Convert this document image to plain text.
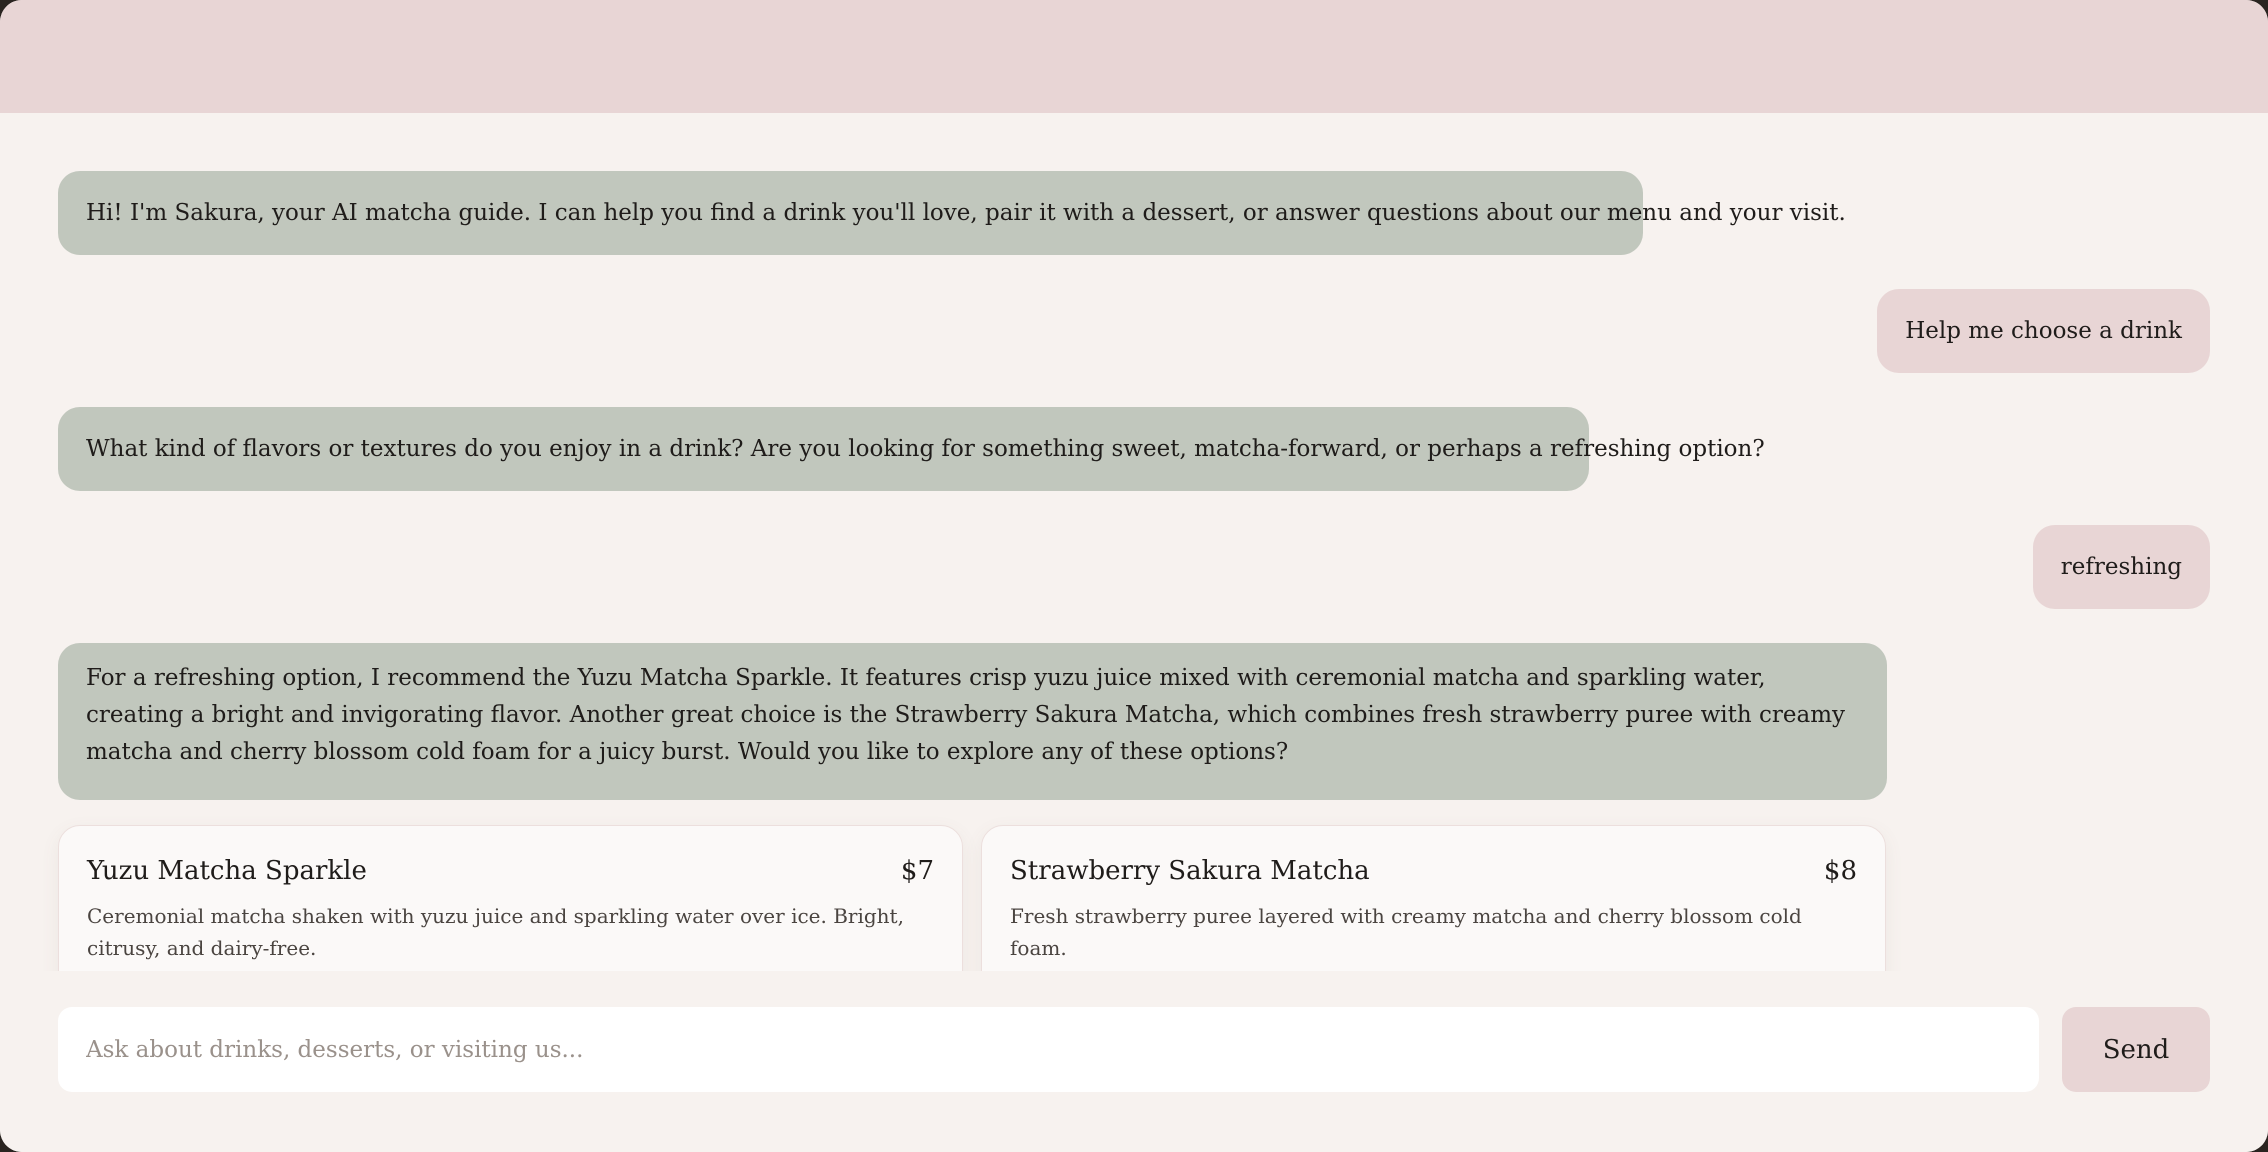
Hi! I'm Sakura, your AI matcha guide. I can help you find a drink you'll love, pair it with a dessert, or answer questions about our menu and your visit.
Help me choose a drink
What kind of flavors or textures do you enjoy in a drink? Are you looking for something sweet, matcha-forward, or perhaps a refreshing option?
refreshing
For a refreshing option, I recommend the Yuzu Matcha Sparkle. It features crisp yuzu juice mixed with ceremonial matcha and sparkling water, creating a bright and invigorating flavor. Another great choice is the Strawberry Sakura Matcha, which combines fresh strawberry puree with creamy matcha and cherry blossom cold foam for a juicy burst. Would you like to explore any of these options?
Yuzu Matcha Sparkle	$7
Ceremonial matcha shaken with yuzu juice and sparkling water over ice. Bright, citrusy, and dairy-free.
Strawberry Sakura Matcha	$8
Fresh strawberry puree layered with creamy matcha and cherry blossom cold foam.
Ask about drinks, desserts, or visiting us...
Send
